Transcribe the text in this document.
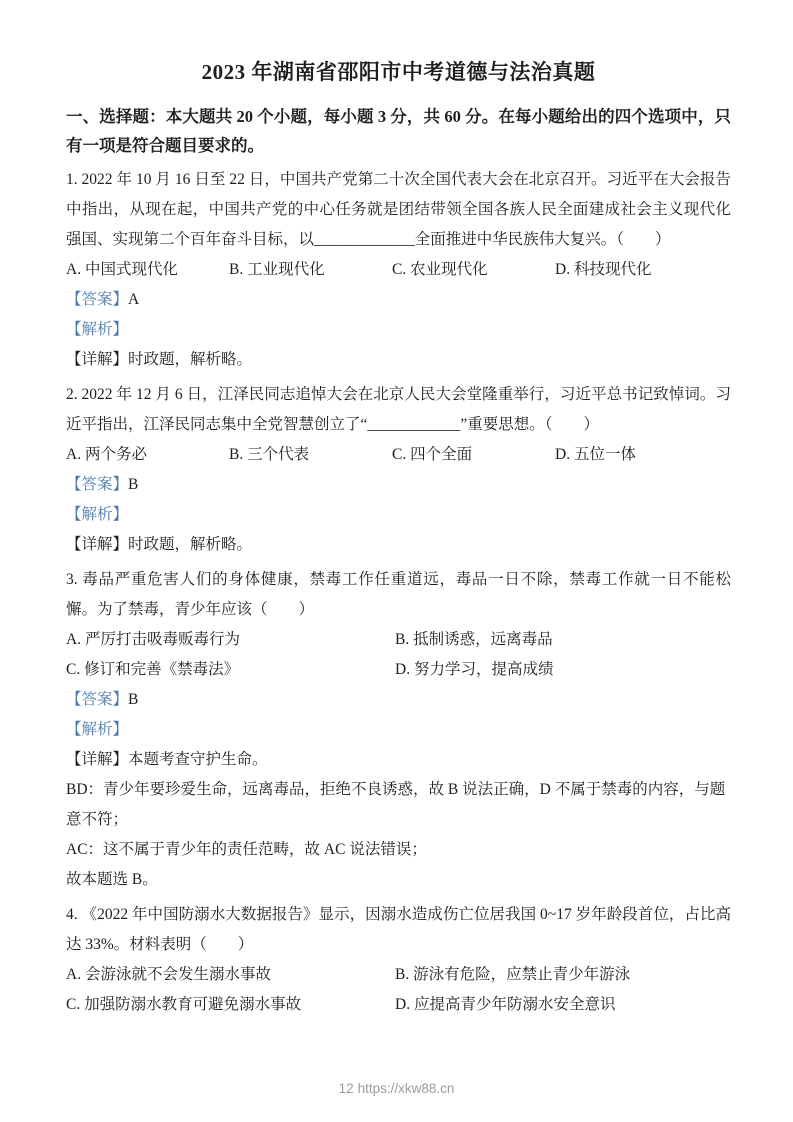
2023 年湖南省邵阳市中考道德与法治真题

一、选择题：本大题共 20 个小题，每小题 3 分，共 60 分。在每小题给出的四个选项中，只有一项是符合题目要求的。

1. 2022 年 10 月 16 日至 22 日，中国共产党第二十次全国代表大会在北京召开。习近平在大会报告中指出，从现在起，中国共产党的中心任务就是团结带领全国各族人民全面建成社会主义现代化强国、实现第二个百年奋斗目标，以_____________全面推进中华民族伟大复兴。（　　）

A. 中国式现代化	B. 工业现代化	C. 农业现代化	D. 科技现代化

【答案】A

【解析】

【详解】时政题，解析略。

2. 2022 年 12 月 6 日，江泽民同志追悼大会在北京人民大会堂隆重举行，习近平总书记致悼词。习近平指出，江泽民同志集中全党智慧创立了“____________”重要思想。（　　）

A. 两个务必	B. 三个代表	C. 四个全面	D. 五位一体

【答案】B

【解析】

【详解】时政题，解析略。

3. 毒品严重危害人们的身体健康，禁毒工作任重道远，毒品一日不除，禁毒工作就一日不能松懈。为了禁毒，青少年应该（　　）

A. 严厉打击吸毒贩毒行为	B. 抵制诱惑，远离毒品
C. 修订和完善《禁毒法》	D. 努力学习，提高成绩

【答案】B

【解析】

【详解】本题考查守护生命。

BD：青少年要珍爱生命，远离毒品，拒绝不良诱惑，故 B 说法正确，D 不属于禁毒的内容，与题意不符；

AC：这不属于青少年的责任范畴，故 AC 说法错误；

故本题选 B。

4. 《2022 年中国防溺水大数据报告》显示，因溺水造成伤亡位居我国 0~17 岁年龄段首位，占比高达 33%。材料表明（　　）

A. 会游泳就不会发生溺水事故	B. 游泳有危险，应禁止青少年游泳
C. 加强防溺水教育可避免溺水事故	D. 应提高青少年防溺水安全意识
12 https://xkw88.cn
